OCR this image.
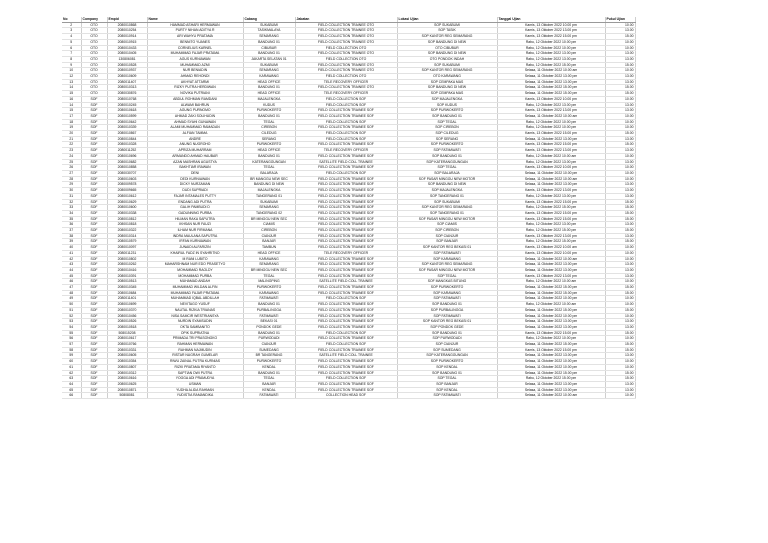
No	Company	Empid	Name	Cabang	Jabatan	Lokasi Ujian	Tanggal Ujian	Pukul Ujian
2	OTO	2080010868	HAMMAD ASHARI HERMAWAN	SUKABUMI	FIELD COLLECTION TRAINEE OTO	SOP SUKABUMI	Kamis, 13 Oktober 2022 10.00 pm	10.00
3	OTO	2080010254	PURTY NIHAN ADITYA R	TASIKMALAYA	FIELD COLLECTION TRAINEE OTO	SOP TASIK	Kamis, 13 Oktober 2022 13.00 pm	13.00
4	OTO	2080010914	ARI WAHYU PRATAMA	SEMARANG	FIELD COLLECTION TRAINEE OTO	SOP KANTOR REG SEMARANG	Kamis, 13 Oktober 2022 15.00 pm	15.00
5	OTO	2080010915	BENNITO YUANES	BANDUNG 01	FIELD COLLECTION TRAINEE OTO	SOP BANDUNG DI NEW	Rabu, 12 Oktober 2022 10.00 pm	10.00
6	OTO	2080010433	CORNELIUS KARNEL	CIBUBUR	FIELD COLLECTION OTO	OTO CIBUBUR	Rabu, 12 Oktober 2022 10.00 pm	10.00
7	OTO	2080010405	MUHAMMAD FAJAR PRATAMA	BANDUNG 01	FIELD COLLECTION TRAINEE OTO	SOP BANDUNG DI NEW	Rabu, 12 Oktober 2022 13.00 pm	13.00
8	OTO	130806081	AGUS KURNIAWAN	JAKARTA SELATAN 01	FIELD COLLECTION OTO	OTO PONDOK INDAH	Rabu, 12 Oktober 2022 13.00 pm	13.00
9	OTO	2080010528	MUHAMMAD AZMI	SUKABUMI	FIELD COLLECTION TRAINEE OTO	SOP SUKABUMI	Rabu, 12 Oktober 2022 15.00 pm	15.00
10	OTO	2080010937	NUR BENIADIN	SEMARANG	FIELD COLLECTION TRAINEE OTO	SOP KANTOR REG SEMARANG	Selasa, 11 Oktober 2022 10.00 am	10.00
12	OTO	2080010609	AHMAD REHONDI	KARAWANG	FIELD COLLECTION OTO	OTO KARAWANG	Selasa, 11 Oktober 2022 13.00 pm	13.00
13	OTO	2080011407	AKHYAT ATTARMI	HEAD OFFICE	TELE RECOVERY OFFICER	SOP CEMPAKA MAS	Selasa, 11 Oktober 2022 13.00 pm	13.00
14	OTO	2080010313	RIZKY PUTRA HERDIWAN	BANDUNG 01	FIELD COLLECTION TRAINEE OTO	SOP BANDUNG DI NEW	Selasa, 11 Oktober 2022 15.00 pm	15.00
15	OTO	2080030876	NOVIKA PUTRIANI	HEAD OFFICE	TELE RECOVERY OFFICER	SOP CEMPAKA MAS	Selasa, 11 Oktober 2022 15.00 pm	15.00
16	SOF	2080010768	ABDUL ROHMAN RAMDANI	MAJALENGKA	FIELD COLLECTION SOF	SOP MAJALENGKA	Kamis, 13 Oktober 2022 10.00 pm	10.00
14	SOF	2080010245	ALWAMI BAHRUN	KUDUS	FIELD COLLECTION SOF	SOP KUDUS	Rabu, 12 Oktober 2022 13.00 pm	13.00
15	SOF	2080010618	AGUNG PURNOMO	PURWOKERTO	FIELD COLLECTION TRAINEE SOF	SOP PURWOKERTO	Kamis, 13 Oktober 2022 13.00 pm	13.00
17	SOF	2080010599	AHMAD ZAKI SOLIHUDIN	BANDUNG 01	FIELD COLLECTION TRAINEE SOF	SOP BANDUNG 01	Selasa, 11 Oktober 2022 10.00 am	10.00
18	SOF	2080010642	AHMAD SYAHI GUNAWAN	TEGAL	FIELD COLLECTION SOF	SOP TEGAL	Rabu, 12 Oktober 2022 10.00 pm	10.00
19	SOF	2080010339	ALAMI MUHAMMAD RAMADAN	CIREBON	FIELD COLLECTION TRAINEE SOF	SOP CIREBON	Rabu, 12 Oktober 2022 10.00 pm	10.00
20	SOF	2080010867	ALFIAN TAMMA	CILEDUG	FIELD COLLECTION SOF	SOP CILEDUG	Kamis, 13 Oktober 2022 15.00 pm	15.00
21	SOF	2080010844	ANDRE	SERANG	FIELD COLLECTION SOF	SOP SERANG	Selasa, 11 Oktober 2022 13.00 pm	13.00
22	SOF	2080010328	ANUNG NUGROHO	PURWOKERTO	FIELD COLLECTION TRAINEE SOF	SOP PURWOKERTO	Kamis, 13 Oktober 2022 15.00 pm	15.00
23	SOF	2080011252	APRIZA MUHARRAM	HEAD OFFICE	TELE RECOVERY OFFICER	SOP FATMAWATI	Kamis, 13 Oktober 2022 13.00 pm	13.00
24	SOF	2080010696	ARMANDO AHMAD HAUBAR	BANDUNG 01	FIELD COLLECTION TRAINEE SOF	SOP BANDUNG 01	Rabu, 12 Oktober 2022 10.00 am	10.00
25	SOF	2080010682	AZAN MASHRAN AGUSTYA	KATERANGGUNGAN	SATELLITE FIELD COLL TRAINEE	SOP KATERANGGUNGAN	Rabu, 12 Oktober 2022 13.00 pm	13.00
26	SOF	2080010858	BAKHTIAR IRAWAN	TEGAL	FIELD COLLECTION TRAINEE SOF	SOP TEGAL	Kamis, 13 Oktober 2022 10.00 pm	10.00
27	SOF	2080030707	DENI	BALARAJA	FIELD COLLECTION SOF	SOP BALARAJA	Selasa, 11 Oktober 2022 10.00 pm	10.00
28	SOF	2080010603	DEDI KURNIAWAN	BR MANGGU NEW SEC	FIELD COLLECTION TRAINEE SOF	SOF PASAR MINGGU NEW MOTOR	Selasa, 11 Oktober 2022 10.00 am	10.00
29	SOF	2080009578	DICKY NURZAMAN	BANDUNG DI NEW	FIELD COLLECTION TRAINEE SOF	SOP BANDUNG DI NEW	Selasa, 11 Oktober 2022 13.00 pm	13.00
30	SOF	2080009665	DUDI SUPRIADI	MAJALENGKA	FIELD COLLECTION TRAINEE SOF	SOP MAJALENGKA	Kamis, 13 Oktober 2022 13.00 pm	13.00
31	SOF	2080010612	FAJAR INTAMALES PUTTY	TANGERANG 01	FIELD COLLECTION TRAINEE SOF	SOP TANGERANG 01	Rabu, 12 Oktober 2022 13.00 pm	13.00
32	SOF	2080010629	ENDANG ADI PUTRA	SUKABUMI	FIELD COLLECTION TRAINEE SOF	SOP SUKABUMI	Kamis, 13 Oktober 2022 15.00 pm	15.00
33	SOF	2080010600	GALIH PAMBUDI D	SEMARANG	FIELD COLLECTION TRAINEE SOF	SOP KANTOR REG SEMARANG	Rabu, 12 Oktober 2022 15.00 pm	15.00
34	SOF	2080010338	GADUNNING PURBA	TANGERANG 02	FIELD COLLECTION TRAINEE SOF	SOP TANGERANG 01	Kamis, 13 Oktober 2022 15.00 pm	15.00
35	SOF	2080010812	HILMAN RAKA SAPUTRA	BR MINGGU NEW SEC	FIELD COLLECTION TRAINEE SOF	SOF PASAR MINGGU NEW MOTOR	Kamis, 13 Oktober 2022 15.00 pm	15.00
36	SOF	2080010818	IKHSAN NUR FAUZI	CIAMIS	FIELD COLLECTION TRAINEE SOF	SOP CIAMIS	Rabu, 12 Oktober 2022 13.00 pm	13.00
37	SOF	2080010322	ILHAM NUR FIRMANA	CIREBON	FIELD COLLECTION TRAINEE SOF	SOP CIREBON	Rabu, 12 Oktober 2022 15.00 pm	15.00
38	SOF	2080010314	INDRA MAULANA SAPUTRA	CIANJUR	FIELD COLLECTION TRAINEE SOF	SOP CIANJUR	Kamis, 13 Oktober 2022 13.00 pm	13.00
39	SOF	2080010579	IRFAN KURNIAWAN	BANJAR	FIELD COLLECTION TRAINEE SOF	SOP BANJAR	Rabu, 12 Oktober 2022 15.00 pm	15.00
40	SOF	2080010097	JUNAIDI ALFARIZIN	TAMBUN	FIELD COLLECTION TRAINEE SOF	SOP KANTOR REG BEKASI 01	Kamis, 13 Oktober 2022 10.00 am	10.00
41	SOF	2080011231	KHAIRUL FADZ IN SYAHRITNO	HEAD OFFICE	TELE RECOVERY OFFICER	SOP FATMAWATI	Kamis, 13 Oktober 2022 10.00 pm	10.00
42	SOF	2080010802	M RANI LUBITO	KARAWANG	FIELD COLLECTION TRAINEE SOF	SOP KARAWANG	Selasa, 11 Oktober 2022 10.00 am	10.00
43	SOF	2080010262	MAHARSHNAM NUR EDO PRASETYO	SEMARANG	FIELD COLLECTION TRAINEE SOF	SOP KANTOR REG SEMARANG	Selasa, 11 Oktober 2022 13.00 pm	13.00
44	SOF	2080010416	MOHAMMAD RAOLDY	BR MINGGU NEW SEC	FIELD COLLECTION TRAINEE SOF	SOF PASAR MINGGU NEW MOTOR	Selasa, 11 Oktober 2022 13.00 pm	13.00
45	SOF	2080010391	MOHAMMAD PURBA	TEGAL	FIELD COLLECTION TRAINEE SOF	SOP TEGAL	Kamis, 13 Oktober 2022 13.00 pm	13.00
46	SOF	2080010513	MUHAMAD ANDAH	MALINGPING	SATELLITE FIELD COLL TRAINEE	SOF MANGKAS BITUNG	Rabu, 12 Oktober 2022 10.00 am	10.00
47	SOF	2080010345	MUHAMMAD WILDAN ALFIN	PURWOKERTO	FIELD COLLECTION TRAINEE SOF	SOP PURWOKERTO	Selasa, 11 Oktober 2022 15.00 pm	15.00
48	SOF	2080010684	MUHAMMAD FAJAR PRATAMA	KARAWANG	FIELD COLLECTION TRAINEE SOF	SOP KARAWANG	Selasa, 11 Oktober 2022 15.00 pm	15.00
49	SOF	2080011401	MUHAMMAD IQBAL ABDILLAH	FATMAWATI	FIELD COLLECTION SOF	SOP FATMAWATI	Selasa, 11 Oktober 2022 10.00 pm	10.00
50	SOF	2080010699	NEVITAGO YUSUF	BANDUNG 01	FIELD COLLECTION TRAINEE SOF	SOP BANDUNG 01	Rabu, 12 Oktober 2022 10.00 am	10.00
51	SOF	2080010370	NAUTAL RIZKIA TRIANAS	PURBALINGGA	FIELD COLLECTION TRAINEE SOF	SOP PURBALINGGA	Selasa, 11 Oktober 2022 15.00 pm	15.00
52	SOF	2080010456	NISA SAMCIR WESTRIANSYA	FATMAWATI	FIELD COLLECTION TRAINEE SOF	SOP FATMAWATI	Selasa, 11 Oktober 2022 10.00 pm	10.00
53	SOF	2080010526	NURDIN SYAMSUDIN	BEKASI 01	FIELD COLLECTION TRAINEE SOF	SOP KANTOR REG BEKASI 01	Selasa, 11 Oktober 2022 13.00 pm	13.00
54	SOF	2080010518	OKTA SAMBANITO	PONDOK GEDE	FIELD COLLECTION TRAINEE SOF	SOP PONDOK GEDE	Selasa, 11 Oktober 2022 13.00 pm	13.00
55	SOF	508015208	OPIK SUPRIATNA	BANDUNG 01	FIELD COLLECTION SOF	SOP BANDUNG 01	Kamis, 13 Oktober 2022 15.00 pm	15.00
56	SOF	2080010617	PRIMADA TRI PRASONGKO	PURWODADI	FIELD COLLECTION TRAINEE SOF	SOP PURWODADI	Rabu, 12 Oktober 2022 10.00 pm	10.00
57	SOF	2080010766	RAHMAN HERMAWAN	CIANJUR	FIELD COLLECTION SOF	SOP CIANJUR	Selasa, 11 Oktober 2022 15.00 pm	15.00
58	SOF	2080010331	RAHMAN NAJMUDIN	SUMEDANG	FIELD COLLECTION TRAINEE SOF	SOP SUMEDANG	Kamis, 13 Oktober 2022 15.00 pm	15.00
59	SOF	2080010605	RISTAR NUGRAH GUMELAR	BR TANGERANG	SATELLITE FIELD COLL TRAINEE	SOP KATERANGGUNGAN	Selasa, 11 Oktober 2022 13.00 pm	13.00
60	SOF	2080010354	RIWU ZAINAL PUTRA KURNIAS	PURWOKERTO	FIELD COLLECTION TRAINEE SOF	SOP PURWOKERTO	Selasa, 11 Oktober 2022 10.00 pm	10.00
61	SOF	2080010807	RIZKI PRATAMA RIYANTO	KENDAL	FIELD COLLECTION TRAINEE SOF	SOP KENDAL	Selasa, 11 Oktober 2022 10.00 pm	10.00
62	SOF	2080010312	SAPTIAN DWI PUTRA	BANDUNG 01	FIELD COLLECTION TRAINEE SOF	SOP BANDUNG 01	Selasa, 11 Oktober 2022 15.00 pm	15.00
63	SOF	2080010616	YOGGA ADI PRAMUDYA	TEGAL	FIELD COLLECTION SOF	SOP TEGAL	Rabu, 12 Oktober 2022 15.00 pm	15.00
64	SOF	2080010625	USMAN	BANJAR	FIELD COLLECTION TRAINEE SOF	SOP BANJAR	Selasa, 11 Oktober 2022 13.00 pm	13.00
65	SOF	2080010871	YUDHA ALIDA RAHMAN	KENDAL	FIELD COLLECTION TRAINEE SOF	SOP KENDAL	Selasa, 11 Oktober 2022 13.00 pm	13.00
66	SOF	50808081	YUDISTIA RAMANDIKA	FATMAWATI	COLLECTION HEAD SOF	SOP FATMAWATI	Selasa, 11 Oktober 2022 10.00 am	10.00
